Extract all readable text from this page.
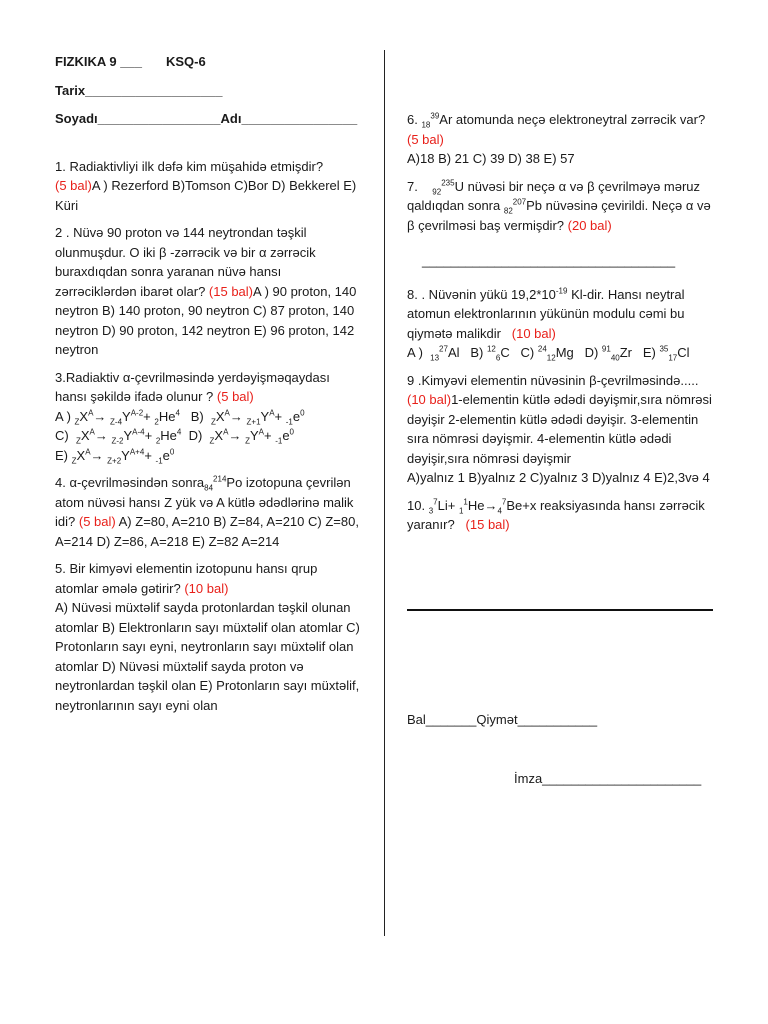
FIZKIKA 9 ___ KSQ-6
Tarix___________________
Soyadı_________________Adı________________
1. Radiaktivliyi ilk dəfə kim müşahidə etmişdir?
(5 bal)A ) Rezerford B)Tomson C)Bor D) Bekkerel E) Küri
2 . Nüvə 90 proton və 144 neytrondan təşkil olunmuşdur. O iki β -zərrəcik və bir α zərrəcik buraxdıqdan sonra yaranan nüvə hansı zərrəciklərdən ibarət olar? (15 bal)A ) 90 proton, 140 neytron B) 140 proton, 90 neytron C) 87 proton, 140 neytron D) 90 proton, 142 neytron E) 96 proton, 142 neytron
3.Radiaktiv α-çevrilməsində yerdəyişməqaydası hansı şəkildə ifadə olunur ? (5 bal)
A ) $_ZX^A\to _{Z-4}Y^{A-2}+ _2He^4$   B)  $_ZX^A\to _{Z+1}Y^A+ _{-1}e^0$
C)  $_ZX^A\to _{Z-2}Y^{A-4}+ _2He^4$  D)  $_ZX^A\to _ZY^A+ _{-1}e^0$
E) $_ZX^A\to _{Z+2}Y^{A+4}+ _{-1}e^0$
4. α-çevrilməsindən sonra$_{84}^{214}$Po izotopuna çevrilən atom nüvəsi hansı Z yük və A kütlə ədədlərinə malik idi? (5 bal) A) Z=80, A=210 B) Z=84, A=210 C) Z=80, A=214 D) Z=86, A=218 E) Z=82 A=214
5. Bir kimyəvi elementin izotopunu hansı qrup atomlar əmələ gətirir? (10 bal)
A) Nüvəsi müxtəlif sayda protonlardan təşkil olunan atomlar B) Elektronların sayı müxtəlif olan atomlar C) Protonların sayı eyni, neytronların sayı müxtəlif olan atomlar D) Nüvəsi müxtəlif sayda proton və neytronlardan təşkil olan E) Protonların sayı müxtəlif, neytronlarının sayı eyni olan
6. $_{18}^{39}$Ar atomunda neçə elektroneytral zərrəcik var? (5 bal)
A)18 B) 21 C) 39 D) 38 E) 57
7. $_{92}^{235}$U nüvəsi bir neçə α və β çevrilməyə məruz qaldıqdan sonra $_{82}^{207}$Pb nüvəsinə çevirildi. Neçə α və β çevrilməsi baş vermişdir? (20 bal)
___________________________________
8. . Nüvənin yükü $19,2*10^{-19}$ Kl-dir. Hansı neytral atomun elektronlarının yükünün modulu cəmi bu qiymətə malikdir (10 bal)
A )  $_{13}^{27}$Al   B) $^{12}_6$C   C) $^{24}_{12}$Mg   D) $^{91}_{40}$Zr   E) $^{35}_{17}$Cl
9 .Kimyəvi elementin nüvəsinin β-çevrilməsində..... (10 bal)1-elementin kütlə ədədi dəyişmir,sıra nömrəsi dəyişir 2-elementin kütlə ədədi dəyişir. 3-elementin sıra nömrəsi dəyişmir. 4-elementin kütlə ədədi dəyişir,sıra nömrəsi dəyişmir
A)yalnız 1 B)yalnız 2 C)yalnız 3 D)yalnız 4 E)2,3və 4
10. $_3^7Li+ _1^1He\to_4^7Be+x$ reaksiyasında hansı zərrəcik yaranır? (15 bal)
Bal_______Qiymət___________
İmza______________________
